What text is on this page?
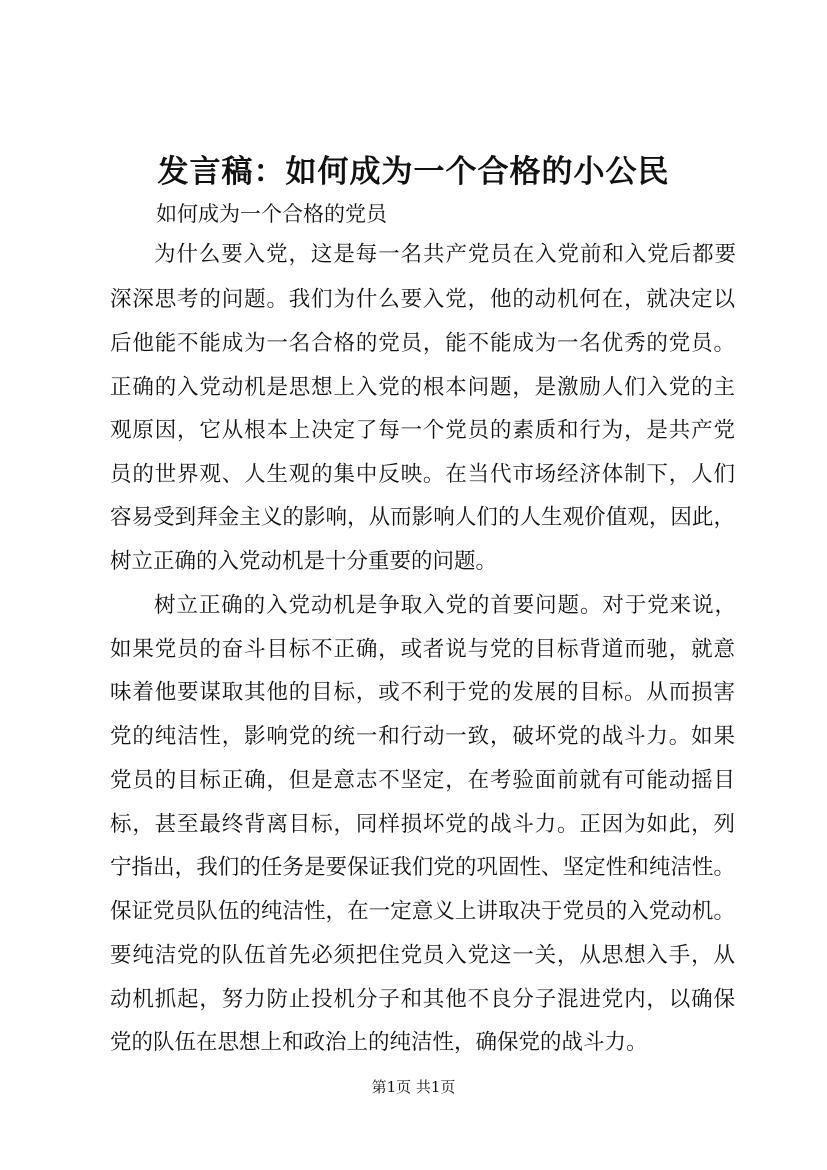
发言稿：如何成为一个合格的小公民

如何成为一个合格的党员

为什么要入党，这是每一名共产党员在入党前和入党后都要

深深思考的问题。我们为什么要入党，他的动机何在，就决定以

后他能不能成为一名合格的党员，能不能成为一名优秀的党员。

正确的入党动机是思想上入党的根本问题，是激励人们入党的主

观原因，它从根本上决定了每一个党员的素质和行为，是共产党

员的世界观、人生观的集中反映。在当代市场经济体制下，人们

容易受到拜金主义的影响，从而影响人们的人生观价值观，因此，

树立正确的入党动机是十分重要的问题。

树立正确的入党动机是争取入党的首要问题。对于党来说，

如果党员的奋斗目标不正确，或者说与党的目标背道而驰，就意

味着他要谋取其他的目标，或不利于党的发展的目标。从而损害

党的纯洁性，影响党的统一和行动一致，破坏党的战斗力。如果

党员的目标正确，但是意志不坚定，在考验面前就有可能动摇目

标，甚至最终背离目标，同样损坏党的战斗力。正因为如此，列

宁指出，我们的任务是要保证我们党的巩固性、坚定性和纯洁性。

保证党员队伍的纯洁性，在一定意义上讲取决于党员的入党动机。

要纯洁党的队伍首先必须把住党员入党这一关，从思想入手，从

动机抓起，努力防止投机分子和其他不良分子混进党内，以确保

党的队伍在思想上和政治上的纯洁性，确保党的战斗力。

第1页 共1页
